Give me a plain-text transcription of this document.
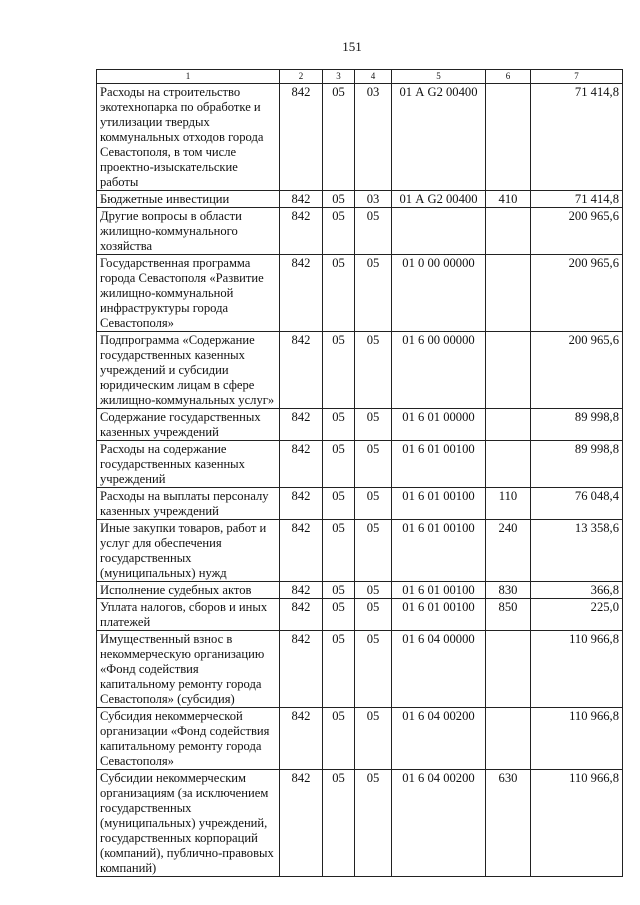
151
1	2	3	4	5	6	7
Расходы на строительство экотехнопарка по обработке и утилизации твердых коммунальных отходов города Севастополя, в том числе проектно-изыскательские работы	842	05	03	01 А G2 00400		71 414,8
Бюджетные инвестиции	842	05	03	01 А G2 00400	410	71 414,8
Другие вопросы в области жилищно-коммунального хозяйства	842	05	05			200 965,6
Государственная программа города Севастополя «Развитие жилищно-коммунальной инфраструктуры города Севастополя»	842	05	05	01 0 00 00000		200 965,6
Подпрограмма «Содержание государственных казенных учреждений и субсидии юридическим лицам в сфере жилищно-коммунальных услуг»	842	05	05	01 6 00 00000		200 965,6
Содержание государственных казенных учреждений	842	05	05	01 6 01 00000		89 998,8
Расходы на содержание государственных казенных учреждений	842	05	05	01 6 01 00100		89 998,8
Расходы на выплаты персоналу казенных учреждений	842	05	05	01 6 01 00100	110	76 048,4
Иные закупки товаров, работ и услуг для обеспечения государственных (муниципальных) нужд	842	05	05	01 6 01 00100	240	13 358,6
Исполнение судебных актов	842	05	05	01 6 01 00100	830	366,8
Уплата налогов, сборов и иных платежей	842	05	05	01 6 01 00100	850	225,0
Имущественный взнос в некоммерческую организацию «Фонд содействия капитальному ремонту города Севастополя» (субсидия)	842	05	05	01 6 04 00000		110 966,8
Субсидия некоммерческой организации «Фонд содействия капитальному ремонту города Севастополя»	842	05	05	01 6 04 00200		110 966,8
Субсидии некоммерческим организациям (за исключением государственных (муниципальных) учреждений, государственных корпораций (компаний), публично-правовых компаний)	842	05	05	01 6 04 00200	630	110 966,8
